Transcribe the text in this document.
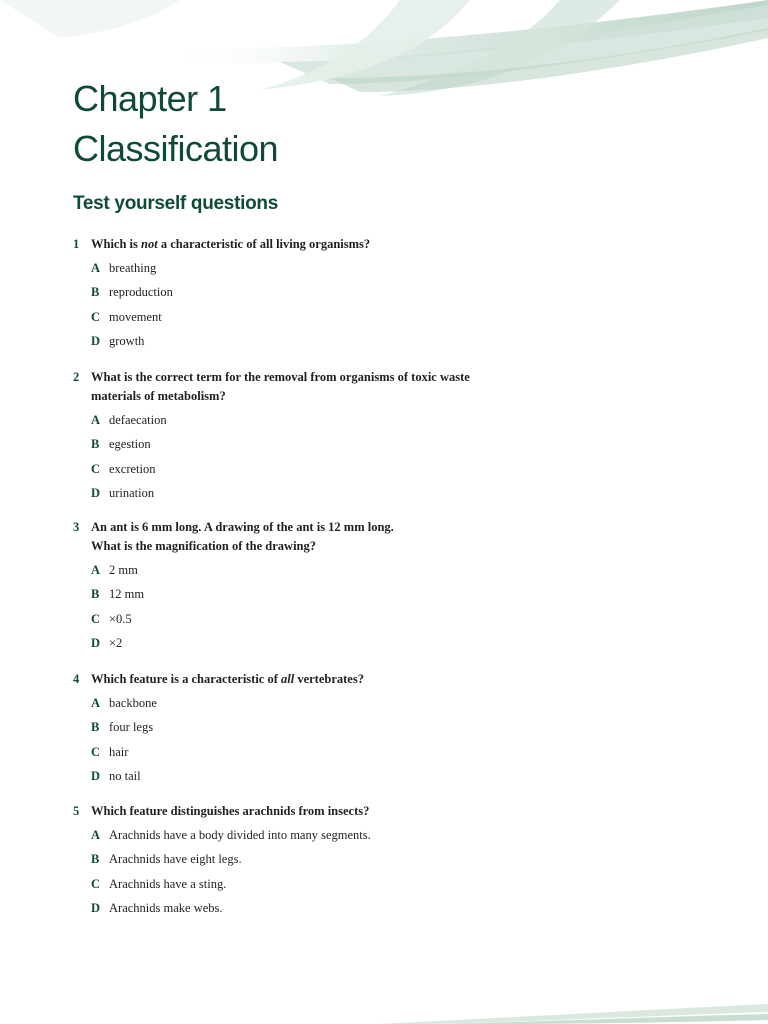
Chapter 1
Classification
Test yourself questions
1 Which is not a characteristic of all living organisms?
A breathing
B reproduction
C movement
D growth
2 What is the correct term for the removal from organisms of toxic waste
materials of metabolism?
A defaecation
B egestion
C excretion
D urination
3 An ant is 6 mm long. A drawing of the ant is 12 mm long.
What is the magnification of the drawing?
A 2 mm
B 12 mm
C ×0.5
D ×2
4 Which feature is a characteristic of all vertebrates?
A backbone
B four legs
C hair
D no tail
5 Which feature distinguishes arachnids from insects?
A Arachnids have a body divided into many segments.
B Arachnids have eight legs.
C Arachnids have a sting.
D Arachnids make webs.
